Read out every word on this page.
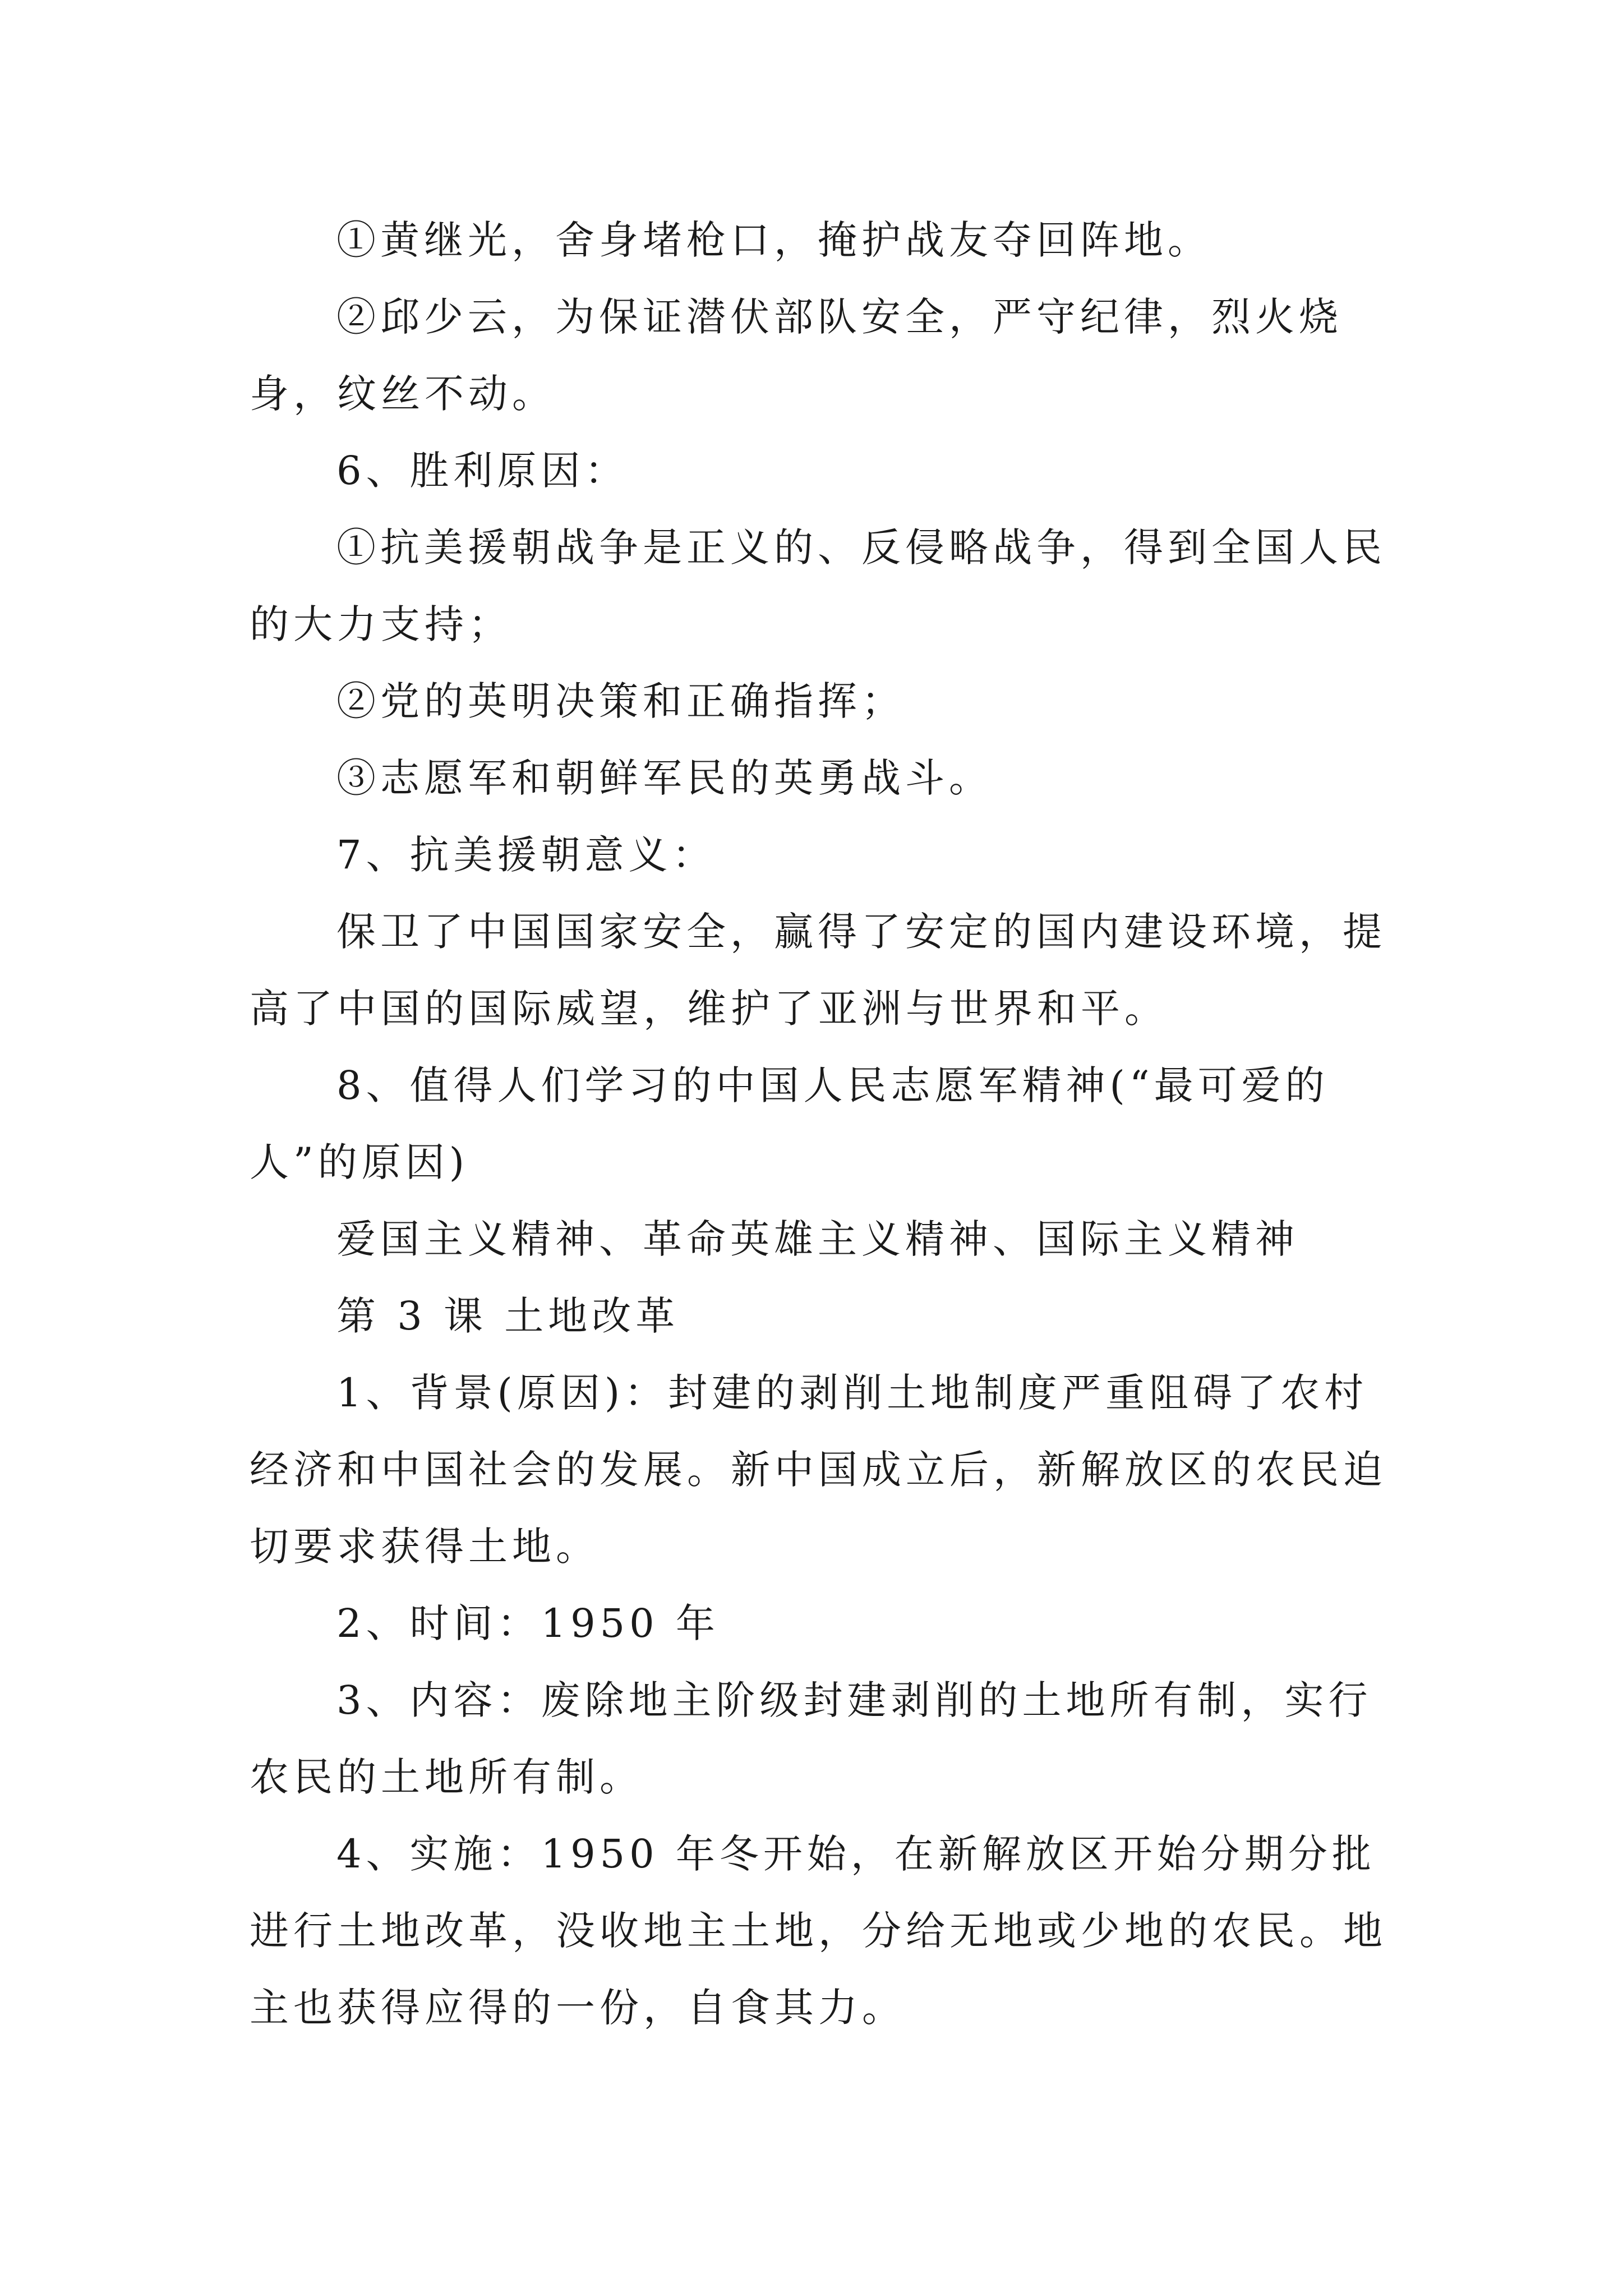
①黄继光，舍身堵枪口，掩护战友夺回阵地。

②邱少云，为保证潜伏部队安全，严守纪律，烈火烧身，纹丝不动。

6、胜利原因：

①抗美援朝战争是正义的、反侵略战争，得到全国人民的大力支持；

②党的英明决策和正确指挥；

③志愿军和朝鲜军民的英勇战斗。

7、抗美援朝意义：

保卫了中国国家安全，赢得了安定的国内建设环境，提高了中国的国际威望，维护了亚洲与世界和平。

8、值得人们学习的中国人民志愿军精神(“最可爱的人”的原因)

爱国主义精神、革命英雄主义精神、国际主义精神

第 3 课 土地改革

1、背景(原因)：封建的剥削土地制度严重阻碍了农村经济和中国社会的发展。新中国成立后，新解放区的农民迫切要求获得土地。

2、时间：1950 年

3、内容：废除地主阶级封建剥削的土地所有制，实行农民的土地所有制。

4、实施：1950 年冬开始，在新解放区开始分期分批进行土地改革，没收地主土地，分给无地或少地的农民。地主也获得应得的一份，自食其力。
